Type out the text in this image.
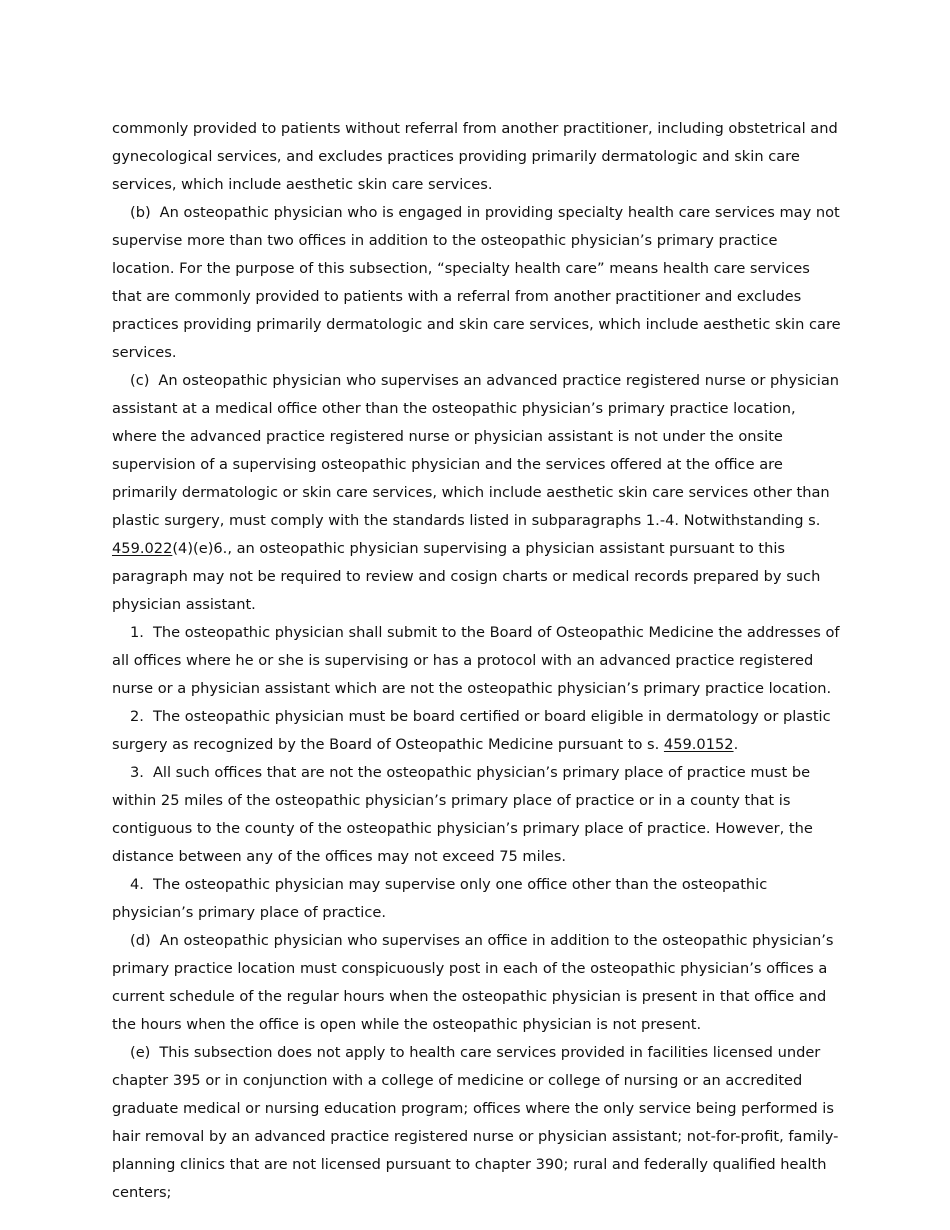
commonly provided to patients without referral from another practitioner, including obstetrical and gynecological services, and excludes practices providing primarily dermatologic and skin care services, which include aesthetic skin care services.

(b) An osteopathic physician who is engaged in providing specialty health care services may not supervise more than two offices in addition to the osteopathic physician’s primary practice location. For the purpose of this subsection, “specialty health care” means health care services that are commonly provided to patients with a referral from another practitioner and excludes practices providing primarily dermatologic and skin care services, which include aesthetic skin care services.

(c) An osteopathic physician who supervises an advanced practice registered nurse or physician assistant at a medical office other than the osteopathic physician’s primary practice location, where the advanced practice registered nurse or physician assistant is not under the onsite supervision of a supervising osteopathic physician and the services offered at the office are primarily dermatologic or skin care services, which include aesthetic skin care services other than plastic surgery, must comply with the standards listed in subparagraphs 1.-4. Notwithstanding s. 459.022(4)(e)6., an osteopathic physician supervising a physician assistant pursuant to this paragraph may not be required to review and cosign charts or medical records prepared by such physician assistant.

1. The osteopathic physician shall submit to the Board of Osteopathic Medicine the addresses of all offices where he or she is supervising or has a protocol with an advanced practice registered nurse or a physician assistant which are not the osteopathic physician’s primary practice location.

2. The osteopathic physician must be board certified or board eligible in dermatology or plastic surgery as recognized by the Board of Osteopathic Medicine pursuant to s. 459.0152.

3. All such offices that are not the osteopathic physician’s primary place of practice must be within 25 miles of the osteopathic physician’s primary place of practice or in a county that is contiguous to the county of the osteopathic physician’s primary place of practice. However, the distance between any of the offices may not exceed 75 miles.

4. The osteopathic physician may supervise only one office other than the osteopathic physician’s primary place of practice.

(d) An osteopathic physician who supervises an office in addition to the osteopathic physician’s primary practice location must conspicuously post in each of the osteopathic physician’s offices a current schedule of the regular hours when the osteopathic physician is present in that office and the hours when the office is open while the osteopathic physician is not present.

(e) This subsection does not apply to health care services provided in facilities licensed under chapter 395 or in conjunction with a college of medicine or college of nursing or an accredited graduate medical or nursing education program; offices where the only service being performed is hair removal by an advanced practice registered nurse or physician assistant; not-for-profit, family-planning clinics that are not licensed pursuant to chapter 390; rural and federally qualified health centers;
